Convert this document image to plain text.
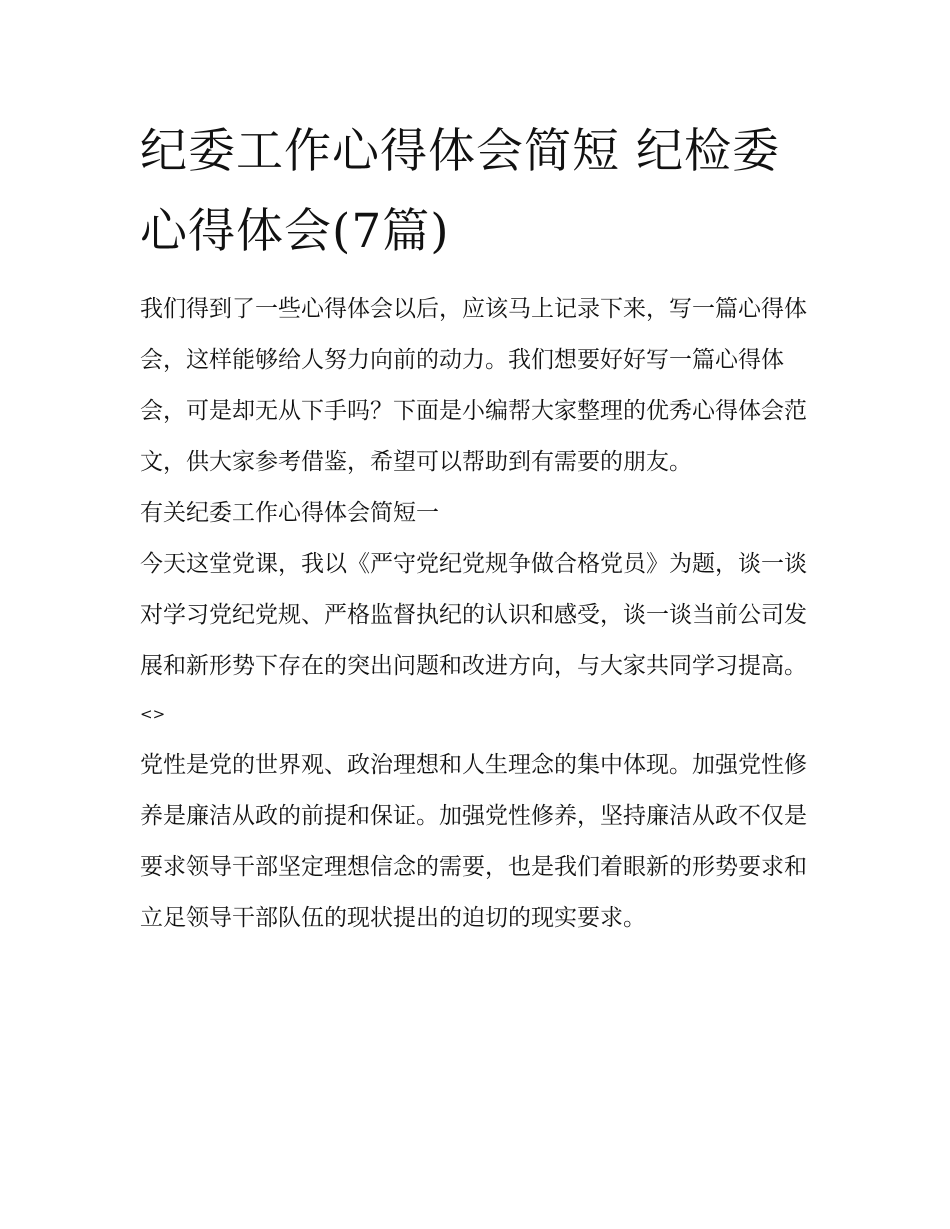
纪委工作心得体会简短 纪检委心得体会(7篇)

我们得到了一些心得体会以后，应该马上记录下来，写一篇心得体会，这样能够给人努力向前的动力。我们想要好好写一篇心得体会，可是却无从下手吗？下面是小编帮大家整理的优秀心得体会范文，供大家参考借鉴，希望可以帮助到有需要的朋友。

有关纪委工作心得体会简短一

今天这堂党课，我以《严守党纪党规争做合格党员》为题，谈一谈对学习党纪党规、严格监督执纪的认识和感受，谈一谈当前公司发展和新形势下存在的突出问题和改进方向，与大家共同学习提高。

<>

党性是党的世界观、政治理想和人生理念的集中体现。加强党性修养是廉洁从政的前提和保证。加强党性修养，坚持廉洁从政不仅是要求领导干部坚定理想信念的需要，也是我们着眼新的形势要求和立足领导干部队伍的现状提出的迫切的现实要求。
